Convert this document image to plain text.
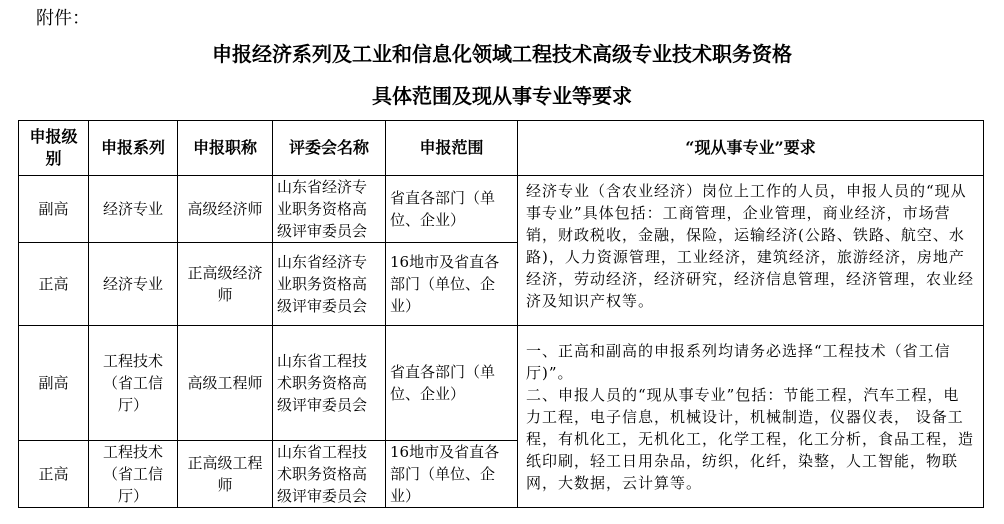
附件：
申报经济系列及工业和信息化领域工程技术高级专业技术职务资格
具体范围及现从事专业等要求
申报级别	申报系列	申报职称	评委会名称	申报范围	“现从事专业”要求
副高	经济专业	高级经济师	山东省经济专业职务资格高级评审委员会	省直各部门（单位、企业）	经济专业（含农业经济）岗位上工作的人员，申报人员的“现从事专业”具体包括：工商管理，企业管理，商业经济，市场营销，财政税收，金融，保险，运输经济(公路、铁路、航空、水路)，人力资源管理，工业经济，建筑经济，旅游经济，房地产经济，劳动经济，经济研究，经济信息管理，经济管理，农业经济及知识产权等。
正高	经济专业	正高级经济师	山东省经济专业职务资格高级评审委员会	16地市及省直各部门（单位、企业）	
副高	工程技术（省工信厅）	高级工程师	山东省工程技术职务资格高级评审委员会	省直各部门（单位、企业）	一、正高和副高的申报系列均请务必选择“工程技术（省工信厅)”。
二、申报人员的“现从事专业”包括：节能工程，汽车工程，电力工程，电子信息，机械设计，机械制造，仪器仪表， 设备工程，有机化工，无机化工，化学工程，化工分析，食品工程，造纸印刷，轻工日用杂品，纺织，化纤，染整，人工智能，物联网，大数据，云计算等。

正高	工程技术（省工信厅）	正高级工程师	山东省工程技术职务资格高级评审委员会	16地市及省直各部门（单位、企业）	
